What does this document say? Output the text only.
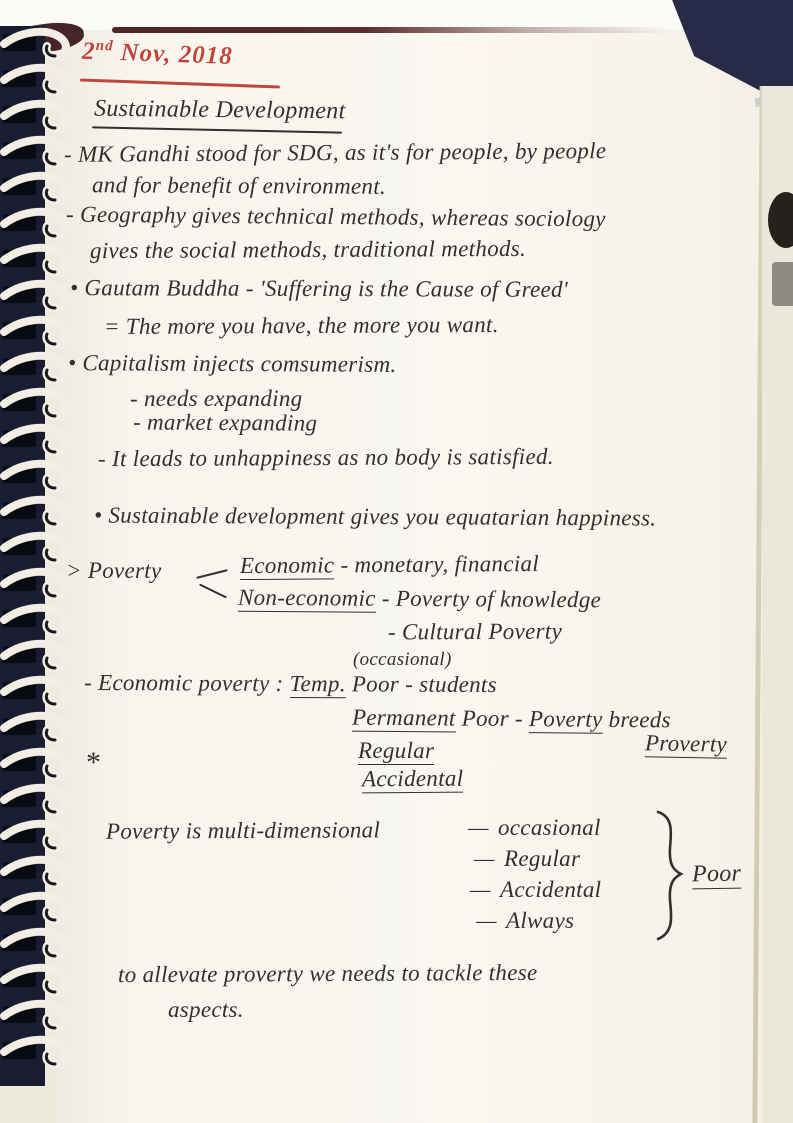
2nd Nov, 2018
Sustainable Development
- MK Gandhi stood for SDG, as it's for people, by people
and for benefit of environment.
- Geography gives technical methods, whereas sociology
gives the social methods, traditional methods.
• Gautam Buddha - 'Suffering is the Cause of Greed'
= The more you have, the more you want.
• Capitalism injects comsumerism.
- needs expanding
- market expanding
- It leads to unhappiness as no body is satisfied.
• Sustainable development gives you equatarian happiness.
> Poverty	Economic - monetary, financial
Non-economic - Poverty of knowledge
- Cultural Poverty
(occasional)
- Economic poverty : Temp. Poor - students
Permanent Poor - Poverty breeds
Proverty
Regular
*	Accidental
Poverty is multi-dimensional	— occasional
— Regular
— Accidental
— Always
Poor
to allevate proverty we needs to tackle these
aspects.
